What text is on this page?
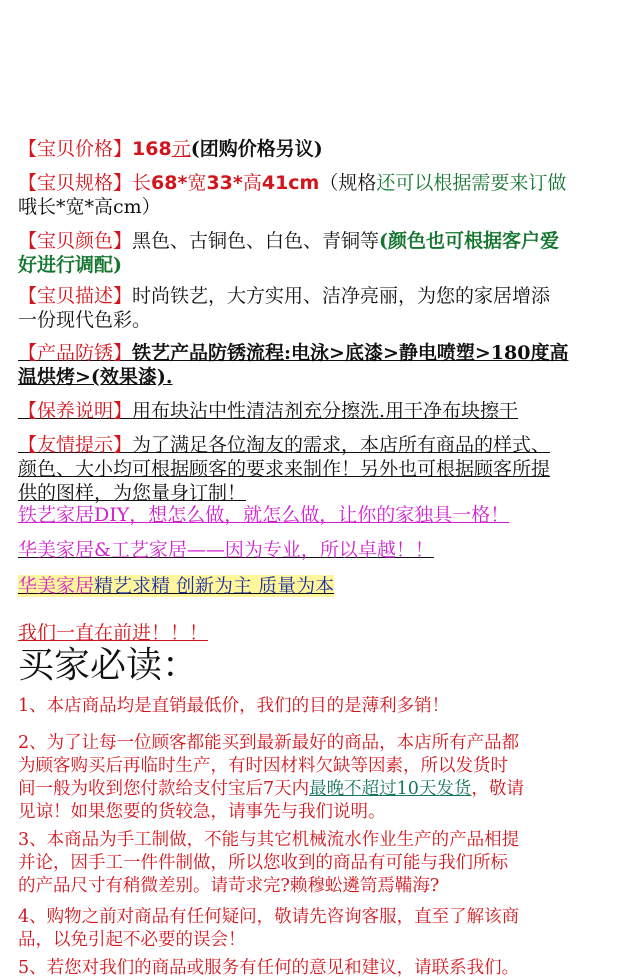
【宝贝价格】168元(团购价格另议)
【宝贝规格】长68*宽33*高41cm（规格还可以根据需要来订做
哦长*宽*高cm）
【宝贝颜色】黑色、古铜色、白色、青铜等(颜色也可根据客户爱
好进行调配)
【宝贝描述】时尚铁艺，大方实用、洁净亮丽，为您的家居增添
一份现代色彩。
【产品防锈】铁艺产品防锈流程:电泳>底漆>静电喷塑>180度高
温烘烤>(效果漆).
【保养说明】用布块沾中性清洁剂充分擦洗.用干净布块擦干
【友情提示】为了满足各位淘友的需求，本店所有商品的样式、
颜色、大小均可根据顾客的要求来制作！另外也可根据顾客所提
供的图样，为您量身订制！
铁艺家居DIY，想怎么做，就怎么做，让你的家独具一格！
华美家居&工艺家居——因为专业，所以卓越！！
华美家居精艺求精 创新为主 质量为本
我们一直在前进！！！
买家必读：
1、本店商品均是直销最低价，我们的目的是薄利多销！
2、为了让每一位顾客都能买到最新最好的商品，本店所有产品都
为顾客购买后再临时生产，有时因材料欠缺等因素，所以发货时
间一般为收到您付款给支付宝后7天内最晚不超过10天发货，敬请
见谅！如果您要的货较急，请事先与我们说明。
3、本商品为手工制做，不能与其它机械流水作业生产的产品相提
并论，因手工一件件制做，所以您收到的商品有可能与我们所标
的产品尺寸有稍微差别。请苛求完?赖穆蚣遴笥焉鞴海?
4、购物之前对商品有任何疑问，敬请先咨询客服，直至了解该商
品，以免引起不必要的误会！
5、若您对我们的商品或服务有任何的意见和建议，请联系我们。
